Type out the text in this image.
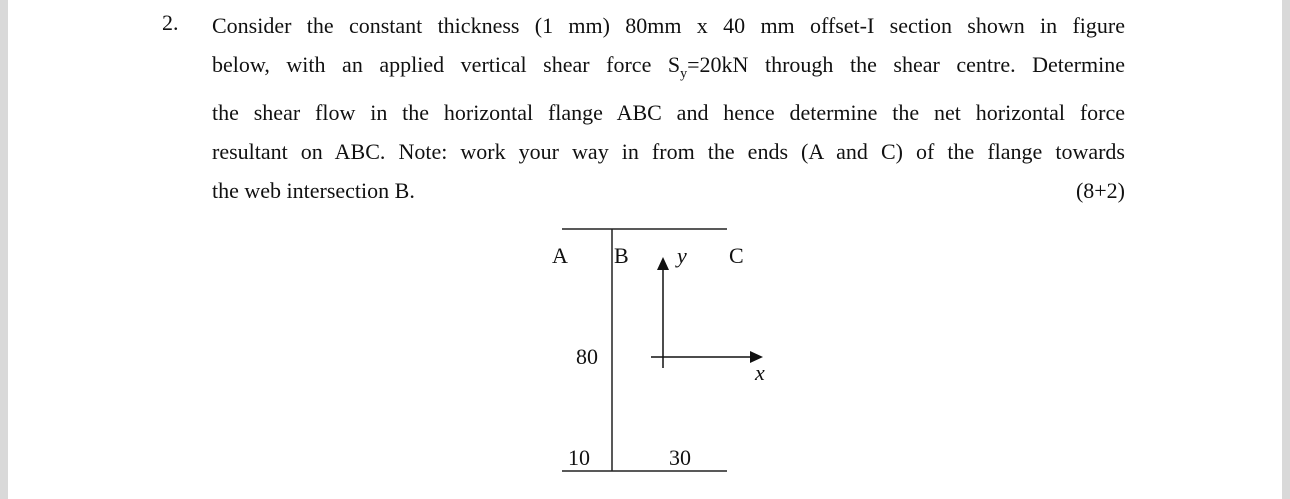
2. Consider the constant thickness (1 mm) 80mm x 40 mm offset-I section shown in figure
below, with an applied vertical shear force $S_y=20kN$ through the shear centre. Determine
the shear flow in the horizontal flange ABC and hence determine the net horizontal force
resultant on ABC. Note: work your way in from the ends (A and C) of the flange towards
the web intersection B.	(8+2)
A B	C
y
x
80
10	30
